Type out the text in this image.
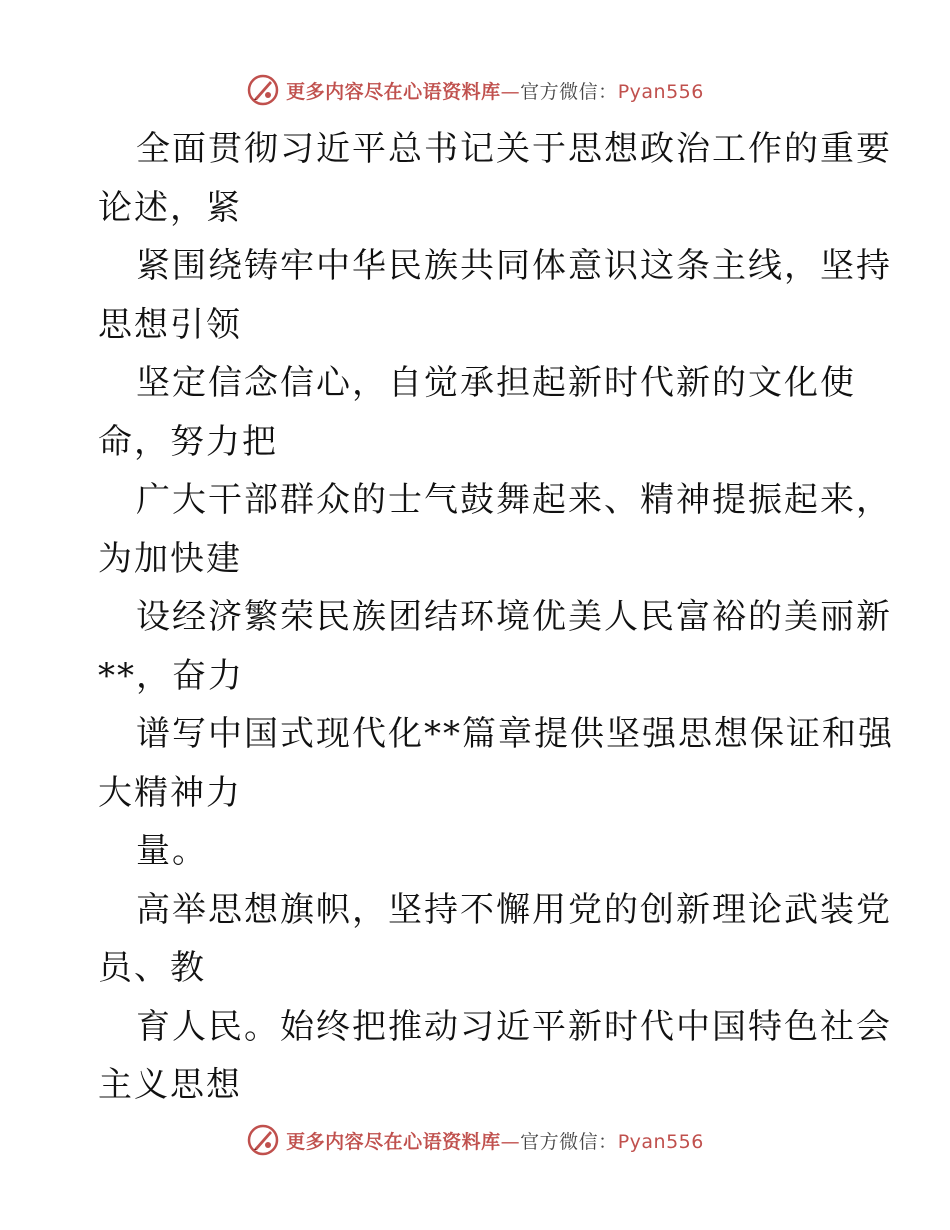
更多内容尽在心语资料库—官方微信：Pyan556
全面贯彻习近平总书记关于思想政治工作的重要
论述，紧
紧围绕铸牢中华民族共同体意识这条主线，坚持
思想引领
坚定信念信心，自觉承担起新时代新的文化使
命，努力把
广大干部群众的士气鼓舞起来、精神提振起来，
为加快建
设经济繁荣民族团结环境优美人民富裕的美丽新
**，奋力
谱写中国式现代化**篇章提供坚强思想保证和强
大精神力
量。
高举思想旗帜，坚持不懈用党的创新理论武装党
员、教
育人民。始终把推动习近平新时代中国特色社会
主义思想
更多内容尽在心语资料库—官方微信：Pyan556
